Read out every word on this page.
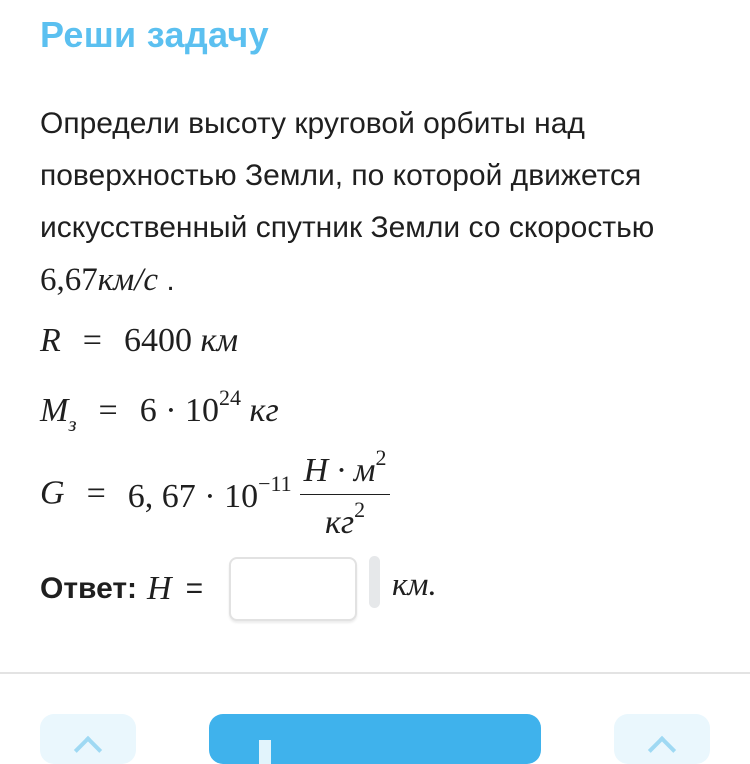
Реши задачу
Определи высоту круговой орбиты над поверхностью Земли, по которой движется искусственный спутник Земли со скоростью
6,67км/с .
R = 6400 км
$M_з = 6 \cdot 10^{24}$ кг
G = 6, $67 \cdot 10^{-11} \frac{Н \cdot м^2}{кг^2}$
Ответ: H =	км.
